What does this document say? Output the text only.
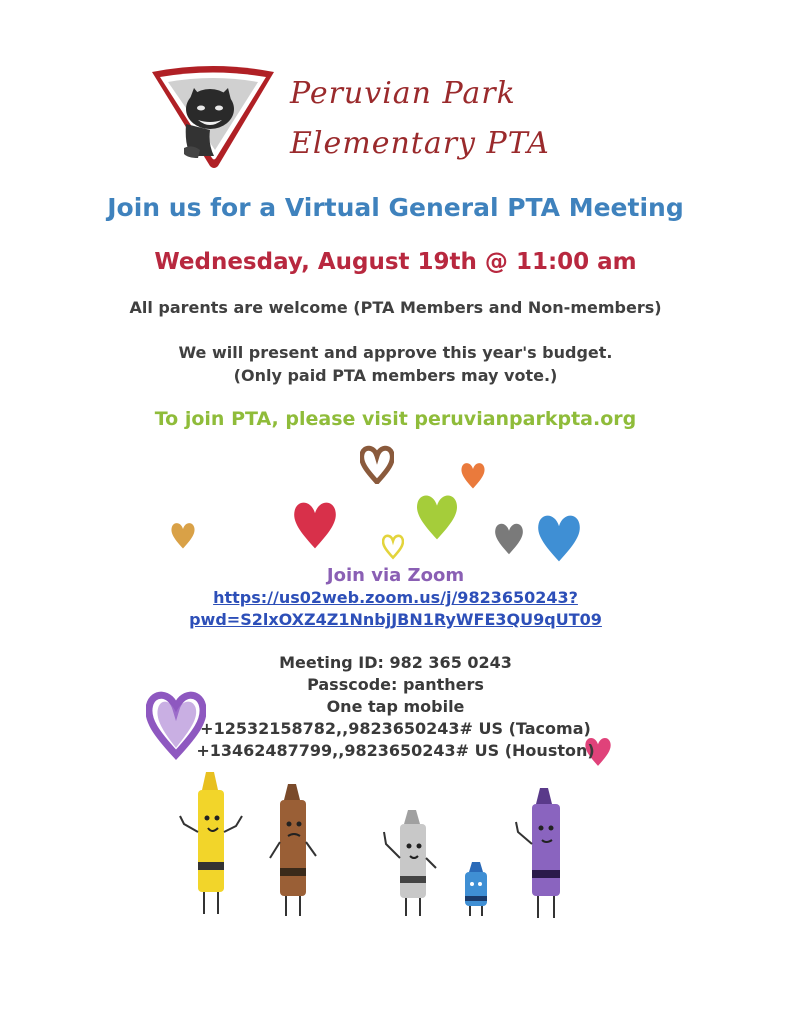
Peruvian Park
Elementary PTA
Join us for a Virtual General PTA Meeting
Wednesday, August 19th @ 11:00 am
All parents are welcome (PTA Members and Non-members)
We will present and approve this year's budget.
(Only paid PTA members may vote.)
To join PTA, please visit peruvianparkpta.org
Join via Zoom
https://us02web.zoom.us/j/9823650243?
pwd=S2lxOXZ4Z1NnbjJBN1RyWFE3QU9qUT09
Meeting ID: 982 365 0243
Passcode: panthers
One tap mobile
+12532158782,,9823650243# US (Tacoma)
+13462487799,,9823650243# US (Houston)
